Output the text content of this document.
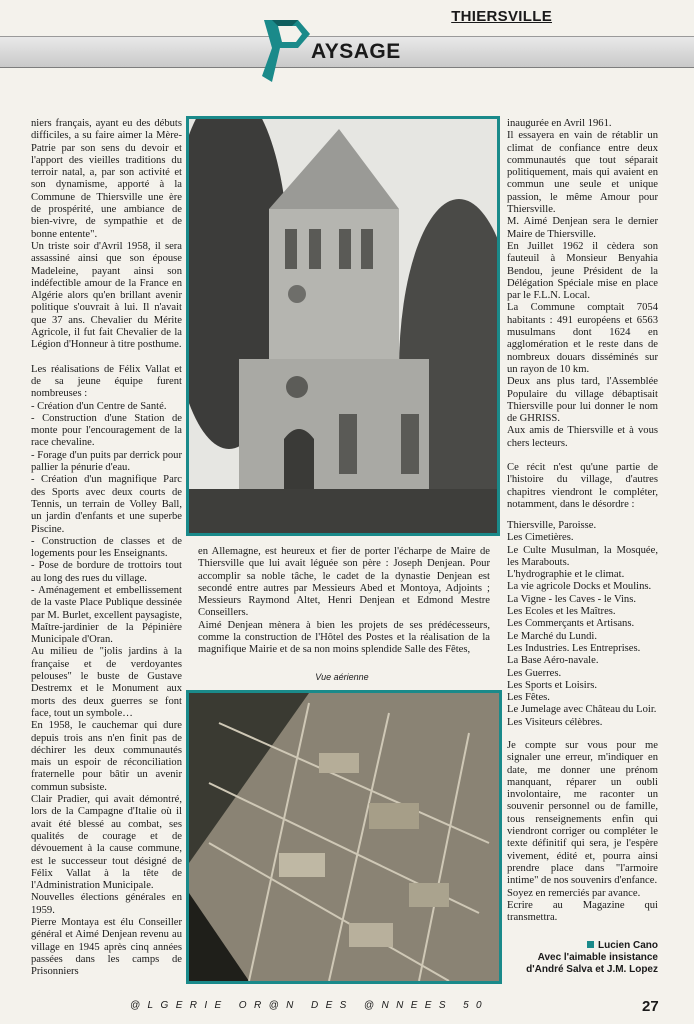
THIERSVILLE
AYSAGE

niers français, ayant eu des débuts difficiles, a su faire aimer la Mère-Patrie par son sens du devoir et l'apport des vieilles traditions du terroir natal, a, par son activité et son dynamisme, apporté à la Commune de Thiersville une ère de prospérité, une ambiance de bien-vivre, de sympathie et de bonne entente".

Un triste soir d'Avril 1958, il sera assassiné ainsi que son épouse Madeleine, payant ainsi son indéfectible amour de la France en Algérie alors qu'en brillant avenir politique s'ouvrait à lui. Il n'avait que 37 ans. Chevalier du Mérite Agricole, il fut fait Chevalier de la Légion d'Honneur à titre posthume.

Les réalisations de Félix Vallat et de sa jeune équipe furent nombreuses :

- Création d'un Centre de Santé.

- Construction d'une Station de monte pour l'encouragement de la race chevaline.

- Forage d'un puits par derrick pour pallier la pénurie d'eau.

- Création d'un magnifique Parc des Sports avec deux courts de Tennis, un terrain de Volley Ball, un jardin d'enfants et une superbe Piscine.

- Construction de classes et de logements pour les Enseignants.

- Pose de bordure de trottoirs tout au long des rues du village.

- Aménagement et embellissement de la vaste Place Publique dessinée par M. Burlet, excellent paysagiste, Maître-jardinier de la Pépinière Municipale d'Oran.

Au milieu de "jolis jardins à la française et de verdoyantes pelouses" le buste de Gustave Destremx et le Monument aux morts des deux guerres se font face, tout un symbole…

En 1958, le cauchemar qui dure depuis trois ans n'en finit pas de déchirer les deux communautés mais un espoir de réconciliation fraternelle pour bâtir un avenir commun subsiste.

Clair Pradier, qui avait démontré, lors de la Campagne d'Italie où il avait été blessé au combat, ses qualités de courage et de dévouement à la cause commune, est le successeur tout désigné de Félix Vallat à la tête de l'Administration Municipale.

Nouvelles élections générales en 1959.

Pierre Montaya est élu Conseiller général et Aimé Denjean revenu au village en 1945 après cinq années passées dans les camps de Prisonniers

en Allemagne, est heureux et fier de porter l'écharpe de Maire de Thiersville que lui avait léguée son père : Joseph Denjean. Pour accomplir sa noble tâche, le cadet de la dynastie Denjean est secondé entre autres par Messieurs Abed et Montoya, Adjoints ; Messieurs Raymond Altet, Henri Denjean et Edmond Mestre Conseillers.

Aimé Denjean mènera à bien les projets de ses prédécesseurs, comme la construction de l'Hôtel des Postes et la réalisation de la magnifique Mairie et de sa non moins splendide Salle des Fêtes,

Vue aérienne

inaugurée en Avril 1961.

Il essayera en vain de rétablir un climat de confiance entre deux communautés que tout séparait politiquement, mais qui avaient en commun une seule et unique passion, le même Amour pour Thiersville.

M. Aimé Denjean sera le dernier Maire de Thiersville.

En Juillet 1962 il cèdera son fauteuil à Monsieur Benyahia Bendou, jeune Président de la Délégation Spéciale mise en place par le F.L.N. Local.

La Commune comptait 7054 habitants : 491 européens et 6563 musulmans dont 1624 en agglomération et le reste dans de nombreux douars disséminés sur un rayon de 10 km.

Deux ans plus tard, l'Assemblée Populaire du village débaptisait Thiersville pour lui donner le nom de GHRISS.

Aux amis de Thiersville et à vous chers lecteurs.

Ce récit n'est qu'une partie de l'histoire du village, d'autres chapitres viendront le compléter, notamment, dans le désordre :

Thiersville, Paroisse.

Les Cimetières.

Le Culte Musulman, la Mosquée, les Marabouts.

L'hydrographie et le climat.

La vie agricole Docks et Moulins.

La Vigne - les Caves - le Vins.

Les Ecoles et les Maîtres.

Les Commerçants et Artisans.

Le Marché du Lundi.

Les Industries. Les Entreprises.

La Base Aéro-navale.

Les Guerres.

Les Sports et Loisirs.

Les Fêtes.

Le Jumelage avec Château du Loir.

Les Visiteurs célèbres.

Je compte sur vous pour me signaler une erreur, m'indiquer en date, me donner une prénom manquant, réparer un oubli involontaire, me raconter un souvenir personnel ou de famille, tous renseignements enfin qui viendront corriger ou compléter le texte définitif qui sera, je l'espère vivement, édité et, pourra ainsi prendre place dans "l'armoire intime" de nos souvenirs d'enfance.

Soyez en remerciés par avance.

Ecrire au Magazine qui transmettra.

Lucien Cano
Avec l'aimable insistance
d'André Salva et J.M. Lopez
@LGERIE OR@N DES @NNEES 50	27
